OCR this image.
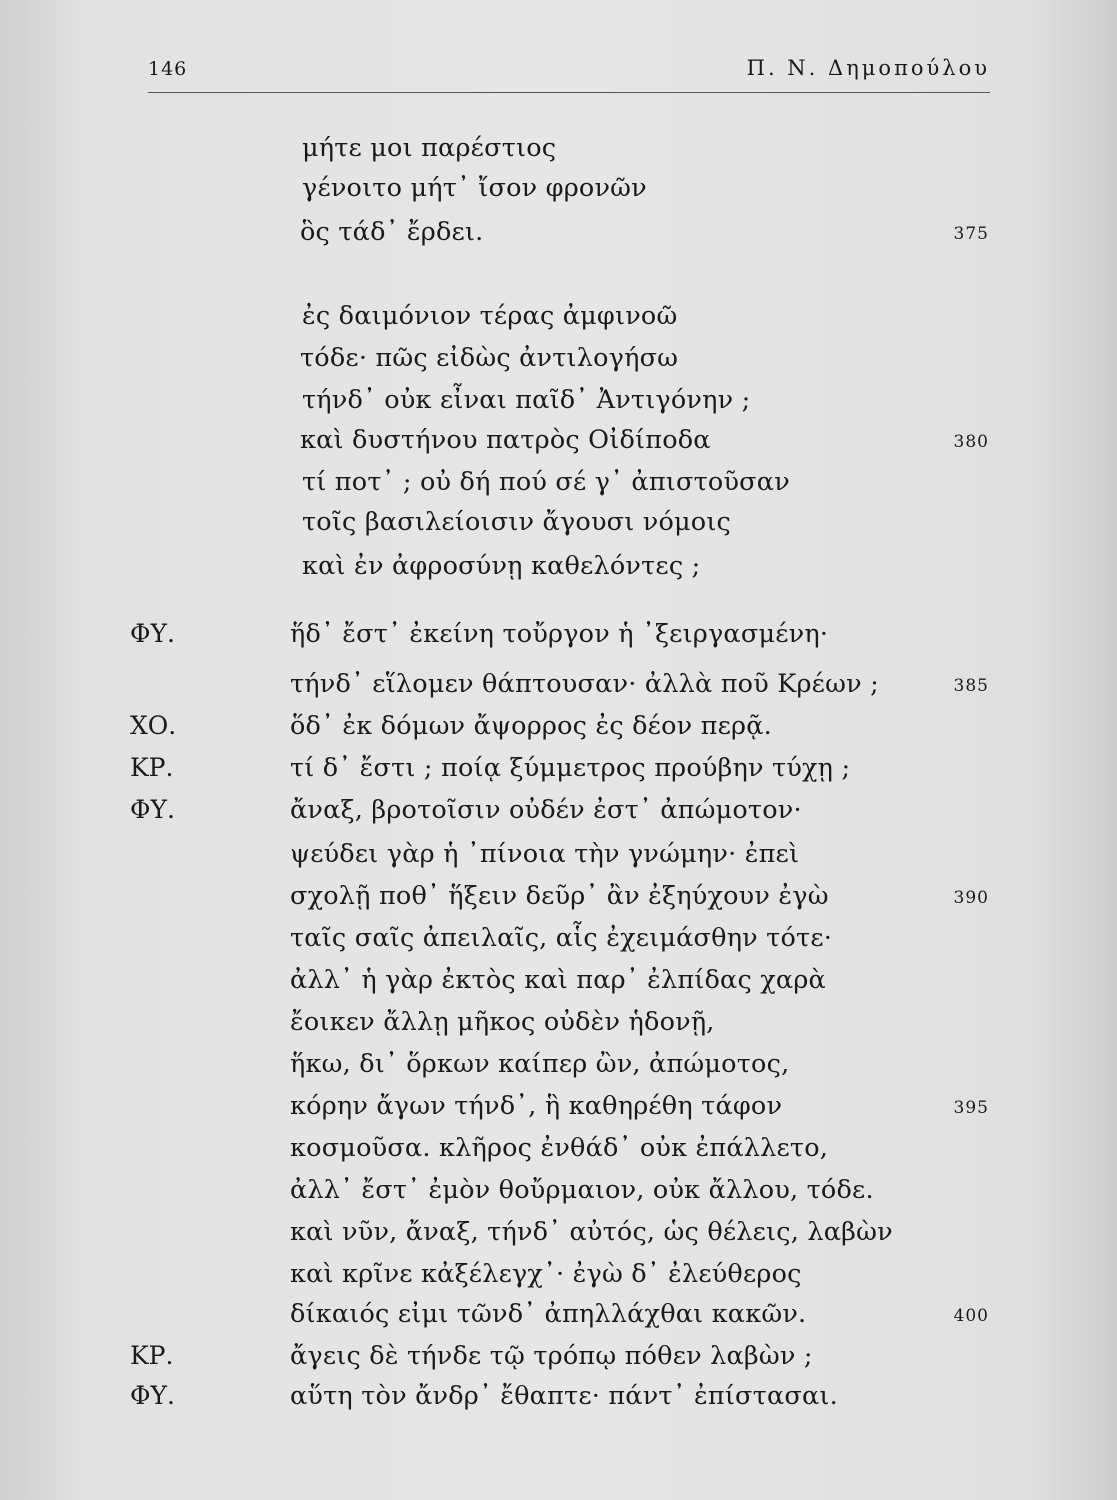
146	Π. Ν. Δημοπούλου
μήτε μοι παρέστιος
γένοιτο μήτ᾽ ἴσον φρονῶν
ὃς τάδ᾽ ἔρδει.	375
ἐς δαιμόνιον τέρας ἀμφινοῶ
τόδε· πῶς εἰδὼς ἀντιλογήσω
τήνδ᾽ οὐκ εἶναι παῖδ᾽ Ἀντιγόνην ;
καὶ δυστήνου πατρὸς Οἰδίποδα	380
τί ποτ᾽ ; οὐ δή πού σέ γ᾽ ἀπιστοῦσαν
τοῖς βασιλείοισιν ἄγουσι νόμοις
καὶ ἐν ἀφροσύνῃ καθελόντες ;
ΦΥ.	ἥδ᾽ ἔστ᾽ ἐκείνη τοὔργον ἡ ᾽ξειργασμένη·
τήνδ᾽ εἵλομεν θάπτουσαν· ἀλλὰ ποῦ Κρέων ;	385
ΧΟ.	ὅδ᾽ ἐκ δόμων ἄψορρος ἐς δέον περᾷ.
ΚΡ.	τί δ᾽ ἔστι ; ποίᾳ ξύμμετρος προύβην τύχῃ ;
ΦΥ.	ἄναξ, βροτοῖσιν οὐδέν ἐστ᾽ ἀπώμοτον·
ψεύδει γὰρ ἡ ᾽πίνοια τὴν γνώμην· ἐπεὶ
σχολῇ ποθ᾽ ἥξειν δεῦρ᾽ ἂν ἐξηύχουν ἐγὼ	390
ταῖς σαῖς ἀπειλαῖς, αἷς ἐχειμάσθην τότε·
ἀλλ᾽ ἡ γὰρ ἐκτὸς καὶ παρ᾽ ἐλπίδας χαρὰ
ἔοικεν ἄλλῃ μῆκος οὐδὲν ἡδονῇ,
ἥκω, δι᾽ ὅρκων καίπερ ὢν, ἀπώμοτος,
κόρην ἄγων τήνδ᾽, ἣ καθηρέθη τάφον	395
κοσμοῦσα. κλῆρος ἐνθάδ᾽ οὐκ ἐπάλλετο,
ἀλλ᾽ ἔστ᾽ ἐμὸν θοὔρμαιον, οὐκ ἄλλου, τόδε.
καὶ νῦν, ἄναξ, τήνδ᾽ αὐτός, ὡς θέλεις, λαβὼν
καὶ κρῖνε κἀξέλεγχ᾽· ἐγὼ δ᾽ ἐλεύθερος
δίκαιός εἰμι τῶνδ᾽ ἀπηλλάχθαι κακῶν.	400
ΚΡ.	ἄγεις δὲ τήνδε τῷ τρόπῳ πόθεν λαβὼν ;
ΦΥ.	αὕτη τὸν ἄνδρ᾽ ἔθαπτε· πάντ᾽ ἐπίστασαι.
